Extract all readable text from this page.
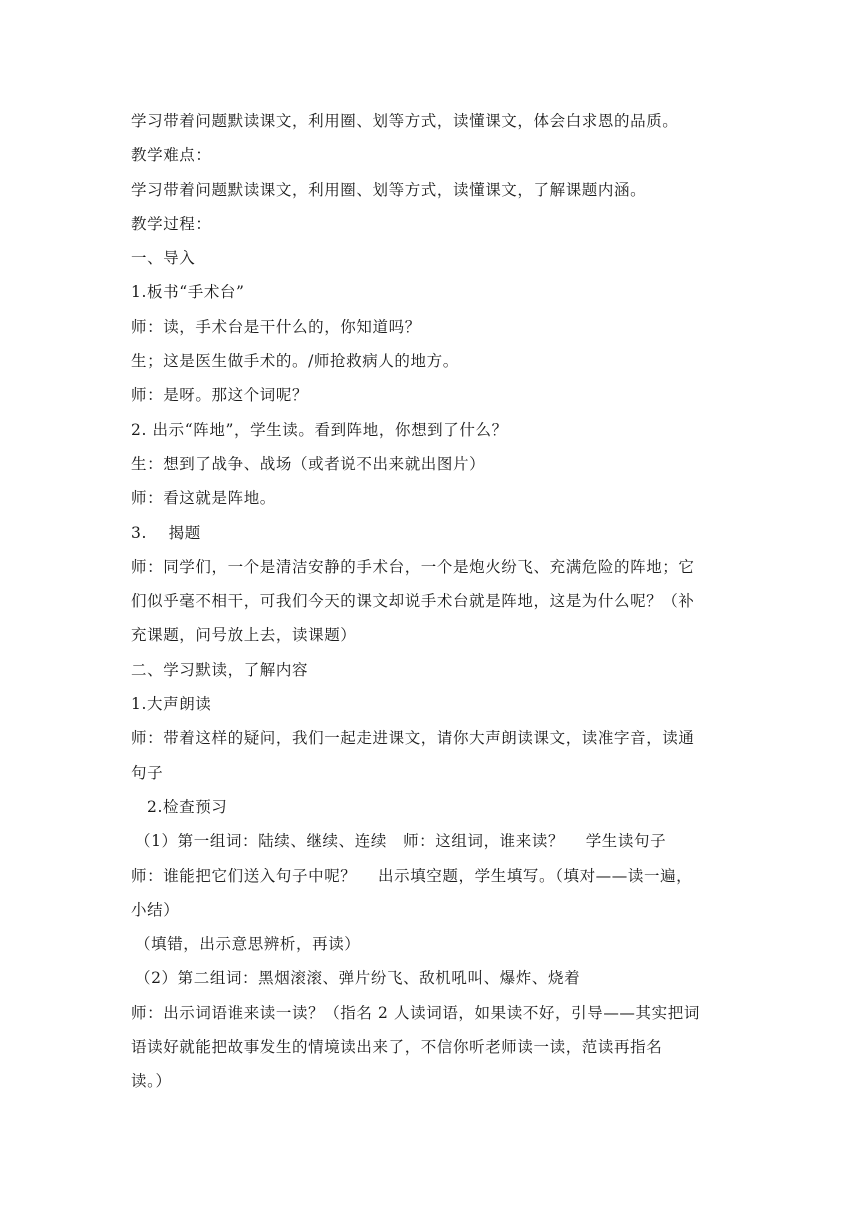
学习带着问题默读课文，利用圈、划等方式，读懂课文，体会白求恩的品质。
教学难点：
学习带着问题默读课文，利用圈、划等方式，读懂课文，了解课题内涵。
教学过程：
一、导入
1.板书“手术台”
师：读，手术台是干什么的，你知道吗？
生；这是医生做手术的。/师抢救病人的地方。
师：是呀。那这个词呢？
2. 出示“阵地”，学生读。看到阵地，你想到了什么？
生：想到了战争、战场（或者说不出来就出图片）
师：看这就是阵地。
3.　 揭题
师：同学们，一个是清洁安静的手术台，一个是炮火纷飞、充满危险的阵地；它
们似乎毫不相干，可我们今天的课文却说手术台就是阵地，这是为什么呢？（补
充课题，问号放上去，读课题）
二、学习默读，了解内容
1.大声朗读
师：带着这样的疑问，我们一起走进课文，请你大声朗读课文，读准字音，读通
句子
2.检查预习
（1）第一组词：陆续、继续、连续　师：这组词，谁来读？　 学生读句子
师：谁能把它们送入句子中呢？　 出示填空题，学生填写。（填对——读一遍，
小结）
（填错，出示意思辨析，再读）
（2）第二组词：黑烟滚滚、弹片纷飞、敌机吼叫、爆炸、烧着
师：出示词语谁来读一读？（指名 2 人读词语，如果读不好，引导——其实把词
语读好就能把故事发生的情境读出来了，不信你听老师读一读，范读再指名
读。）
